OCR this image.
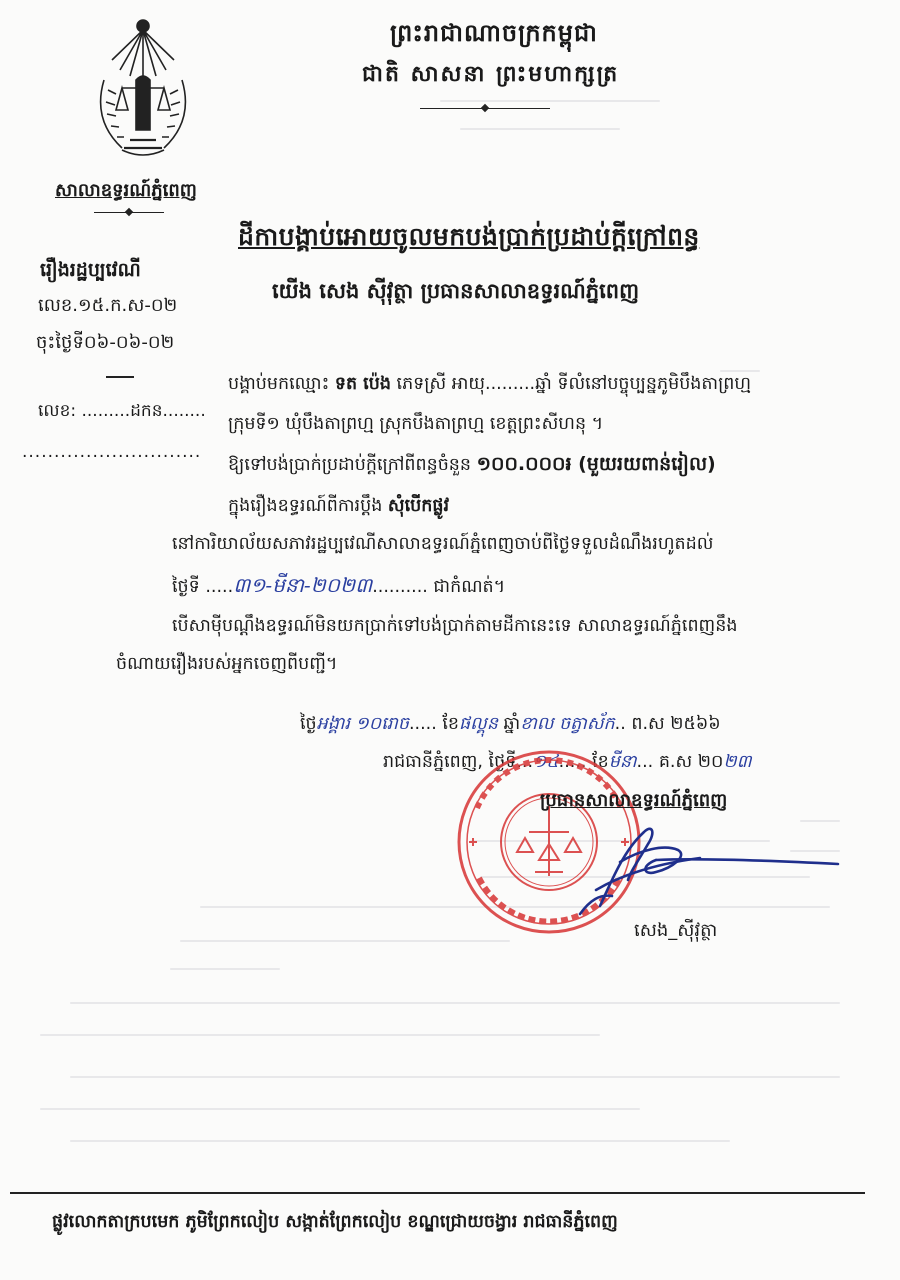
ព្រះរាជាណាចក្រកម្ពុជា
ជាតិ សាសនា ព្រះមហាក្សត្រ
សាលាឧទ្ធរណ៍ភ្នំពេញ
ដីកាបង្គាប់អោយចូលមកបង់ប្រាក់ប្រដាប់ក្ដីក្រៅពន្ធ
យើង សេង ស៊ីវុត្ថា ប្រធានសាលាឧទ្ធរណ៍ភ្នំពេញ
រឿងរដ្ឋប្បវេណី
លេខ.១៥.ក.ស-០២
ចុះថ្ងៃទី០៦-០៦-០២
លេខ: .........ដកន........
............................
បង្គាប់មកឈ្មោះ ទត ប៉េង ភេទស្រី អាយុ.........ឆ្នាំ ទីលំនៅបច្ចុប្បន្នភូមិបឹងតាព្រហ្ម
ក្រុមទី១ ឃុំបឹងតាព្រហ្ម ស្រុកបឹងតាព្រហ្ម ខេត្តព្រះសីហនុ ។
ឱ្យទៅបង់ប្រាក់ប្រដាប់ក្ដីក្រៅពីពន្ធចំនួន ១០០.០០០៛ (មួយរយពាន់រៀល)
ក្នុងរឿងឧទ្ធរណ៍ពីការប្ដឹង សុំបើកផ្លូវ
នៅការិយាល័យសភាវរដ្ឋប្បវេណីសាលាឧទ្ធរណ៍ភ្នំពេញចាប់ពីថ្ងៃទទួលដំណឹងរហូតដល់
ថ្ងៃទី .....៣១-មីនា-២០២៣.......... ជាកំណត់។
បើសាម៉ីបណ្ដឹងឧទ្ធរណ៍មិនយកប្រាក់ទៅបង់ប្រាក់តាមដីកានេះទេ សាលាឧទ្ធរណ៍ភ្នំពេញនឹង
ចំណាយរឿងរបស់អ្នកចេញពីបញ្ជី។
ថ្ងៃអង្គារ ១០រោច..... ខែផល្គុន ឆ្នាំខាល ចត្វាស័ក.. ព.ស ២៥៦៦
រាជធានីភ្នំពេញ, ថ្ងៃទី...១៤..... ខែមីនា... គ.ស ២០២៣
ប្រធានសាលាឧទ្ធរណ៍ភ្នំពេញ
សេង_ស៊ីវុត្ថា
ផ្លូវលោកតាក្របមេក ភូមិព្រែកលៀប សង្កាត់ព្រែកលៀប ខណ្ឌជ្រោយចង្វារ រាជធានីភ្នំពេញ
